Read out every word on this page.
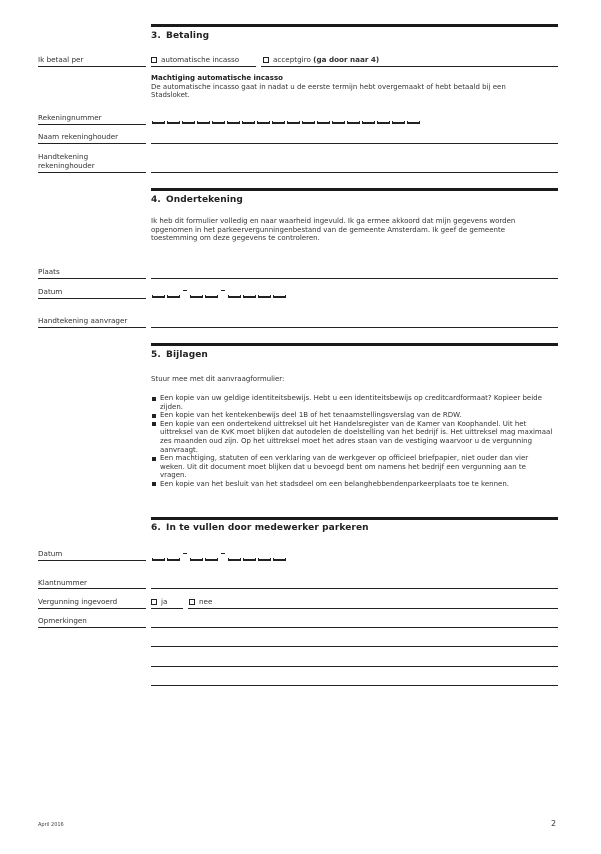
3. Betaling
Ik betaal per	automatische incasso	acceptgiro (ga door naar 4)
Machtiging automatische incasso
De automatische incasso gaat in nadat u de eerste termijn hebt overgemaakt of hebt betaald bij een Stadsloket.
Rekeningnummer
Naam rekeninghouder
Handtekening
rekeninghouder
4. Ondertekening
Ik heb dit formulier volledig en naar waarheid ingevuld. Ik ga ermee akkoord dat mijn gegevens worden opgenomen in het parkeervergunningenbestand van de gemeente Amsterdam. Ik geef de gemeente toestemming om deze gegevens te controleren.
Plaats
Datum
Handtekening aanvrager
5. Bijlagen
Stuur mee met dit aanvraagformulier:
Een kopie van uw geldige identiteitsbewijs. Hebt u een identiteitsbewijs op creditcardformaat? Kopieer beide zijden.
Een kopie van het kentekenbewijs deel 1B of het tenaamstellingsverslag van de RDW.
Een kopie van een ondertekend uittreksel uit het Handelsregister van de Kamer van Koophandel. Uit het uittreksel van de KvK moet blijken dat autodelen de doelstelling van het bedrijf is. Het uittreksel mag maximaal zes maanden oud zijn. Op het uittreksel moet het adres staan van de vestiging waarvoor u de vergunning aanvraagt.
Een machtiging, statuten of een verklaring van de werkgever op officieel briefpapier, niet ouder dan vier weken. Uit dit document moet blijken dat u bevoegd bent om namens het bedrijf een vergunning aan te vragen.
Een kopie van het besluit van het stadsdeel om een belanghebbendenparkeerplaats toe te kennen.
6. In te vullen door medewerker parkeren
Datum
Klantnummer
Vergunning ingevoerd	ja	nee
Opmerkingen
April 2016	2
